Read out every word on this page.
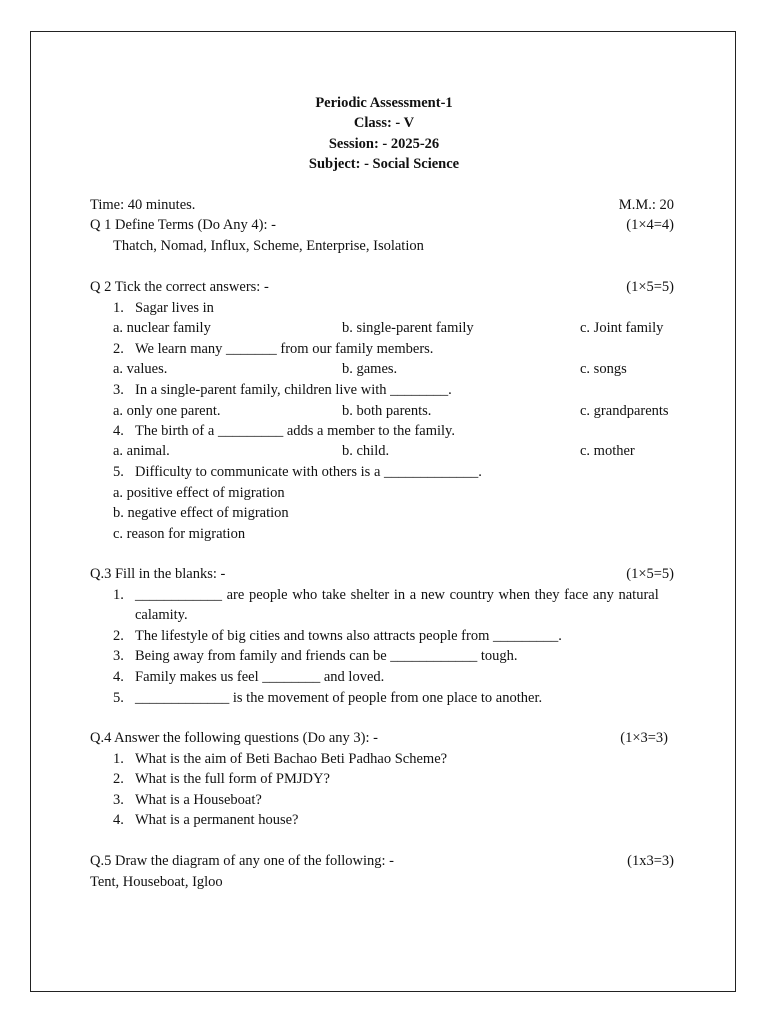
Periodic Assessment-1
Class: - V
Session: - 2025-26
Subject: - Social Science
Time: 40 minutes.	M.M.: 20
Q 1 Define Terms (Do Any 4): -	(1×4=4)
Thatch, Nomad, Influx, Scheme, Enterprise, Isolation
Q 2 Tick the correct answers: -	(1×5=5)
1. Sagar lives in
a. nuclear family	b. single-parent family	c. Joint family
2. We learn many _______ from our family members.
a. values.	b. games.	c. songs
3. In a single-parent family, children live with ________.
a. only one parent.	b. both parents.	c. grandparents
4. The birth of a _________ adds a member to the family.
a. animal.	b. child.	c. mother
5. Difficulty to communicate with others is a _____________.
a. positive effect of migration
b. negative effect of migration
c. reason for migration
Q.3 Fill in the blanks: -	(1×5=5)
1. ____________ are people who take shelter in a new country when they face any natural
calamity.
2. The lifestyle of big cities and towns also attracts people from _________.
3. Being away from family and friends can be ____________ tough.
4. Family makes us feel ________ and loved.
5. _____________ is the movement of people from one place to another.
Q.4 Answer the following questions (Do any 3): -	(1×3=3)
1. What is the aim of Beti Bachao Beti Padhao Scheme?
2. What is the full form of PMJDY?
3. What is a Houseboat?
4. What is a permanent house?
Q.5 Draw the diagram of any one of the following: -	(1x3=3)
Tent, Houseboat, Igloo
